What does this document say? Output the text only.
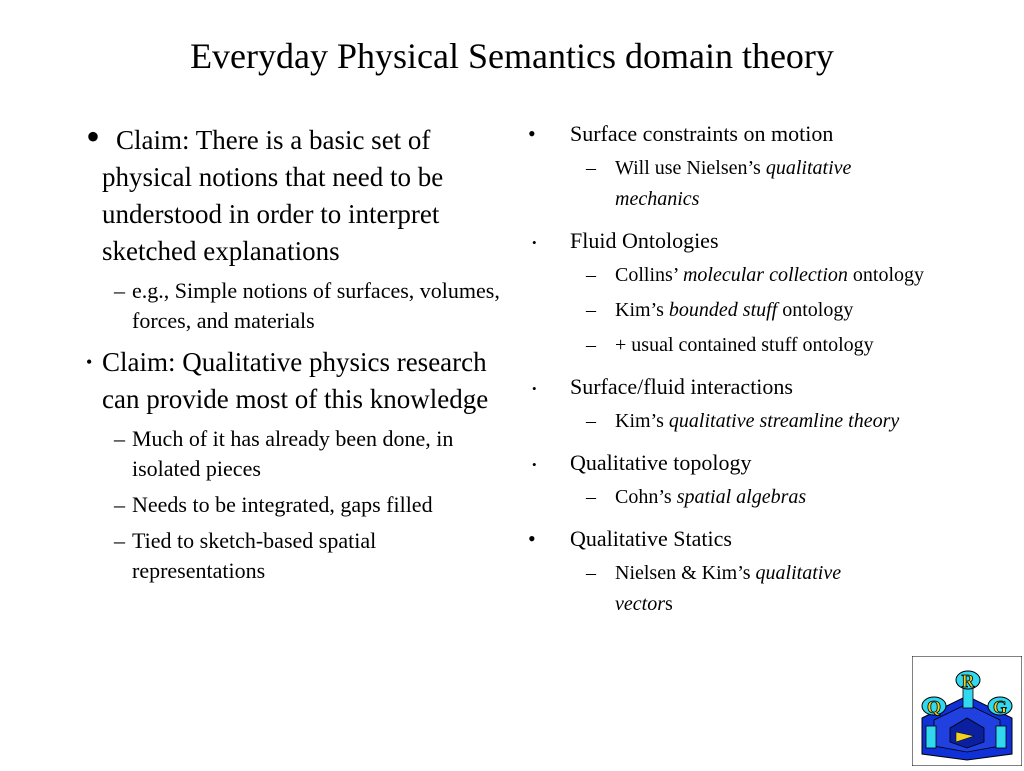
Everyday Physical Semantics domain theory
• Claim: There is a basic set of physical notions that need to be understood in order to interpret sketched explanations
– e.g., Simple notions of surfaces, volumes, forces, and materials
• Claim: Qualitative physics research can provide most of this knowledge
– Much of it has already been done, in isolated pieces
– Needs to be integrated, gaps filled
– Tied to sketch-based spatial representations
• Surface constraints on motion
– Will use Nielsen’s qualitative mechanics
• Fluid Ontologies
– Collins’ molecular collection ontology
– Kim’s bounded stuff ontology
– + usual contained stuff ontology
• Surface/fluid interactions
– Kim’s qualitative streamline theory
• Qualitative topology
– Cohn’s spatial algebras
• Qualitative Statics
– Nielsen & Kim’s qualitative vectors
Q
R
G
